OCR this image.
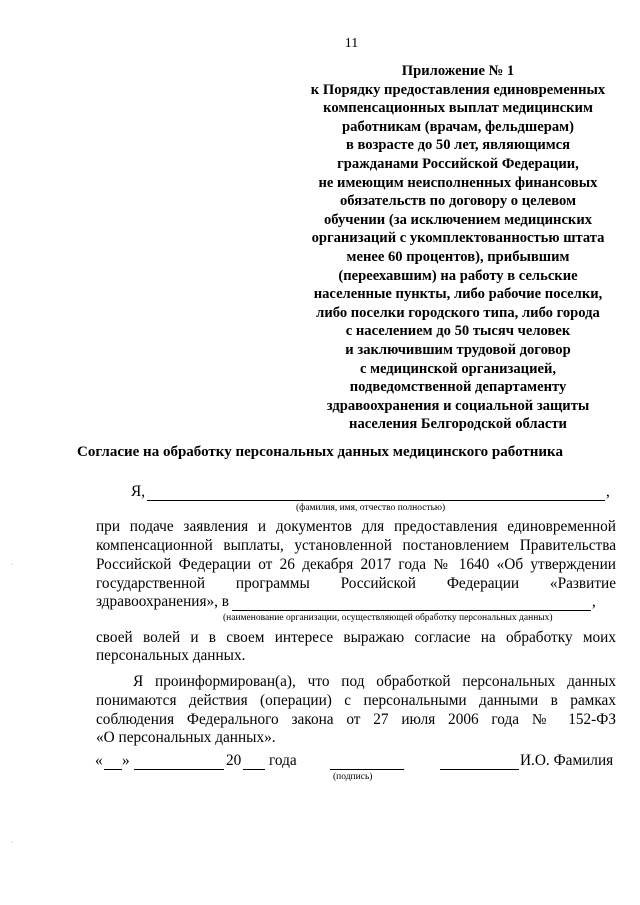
11
Приложение № 1
к Порядку предоставления единовременных
компенсационных выплат медицинским
работникам (врачам, фельдшерам)
в возрасте до 50 лет, являющимся
гражданами Российской Федерации,
не имеющим неисполненных финансовых
обязательств по договору о целевом
обучении (за исключением медицинских
организаций с укомплектованностью штата
менее 60 процентов), прибывшим
(переехавшим) на работу в сельские
населенные пункты, либо рабочие поселки,
либо поселки городского типа, либо города
с населением до 50 тысяч человек
и заключившим трудовой договор
с медицинской организацией,
подведомственной департаменту
здравоохранения и социальной защиты
населения Белгородской области
Согласие на обработку персональных данных медицинского работника
Я,	,
(фамилия, имя, отчество полностью)
при подаче заявления и документов для предоставления единовременной
компенсационной выплаты, установленной постановлением Правительства
Российской Федерации от 26 декабря 2017 года № 1640 «Об утверждении
государственной программы Российской Федерации «Развитие
здравоохранения», в	,
(наименование организации, осуществляющей обработку персональных данных)
своей волей и в своем интересе выражаю согласие на обработку моих
персональных данных.
Я проинформирован(а), что под обработкой персональных данных
понимаются действия (операции) с персональными данными в рамках
соблюдения Федерального закона от 27 июля 2006 года № 152-ФЗ
«О персональных данных».
« »	20 года
(подпись)
И.О. Фамилия
·
·
